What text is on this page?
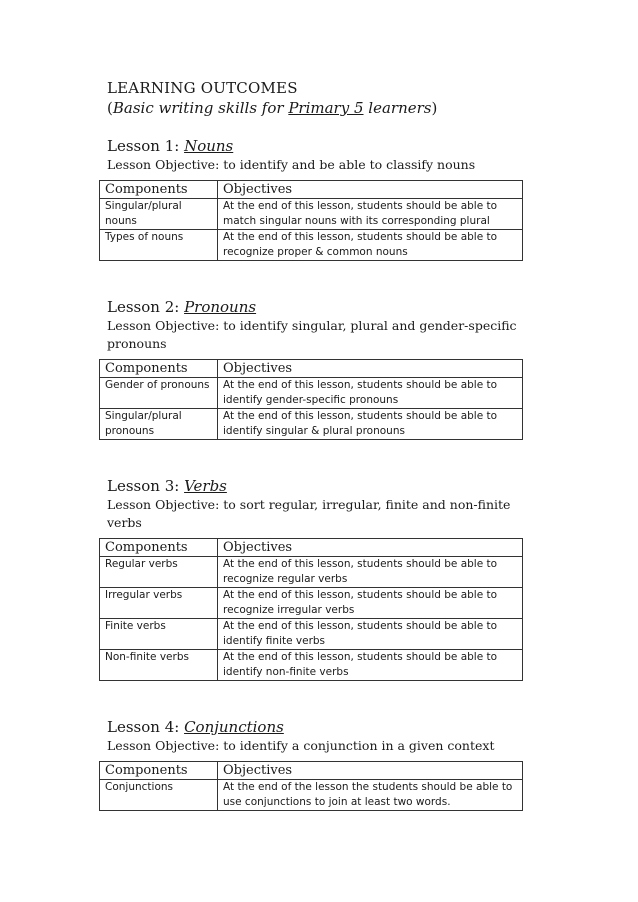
LEARNING OUTCOMES

(Basic writing skills for Primary 5 learners)

Lesson 1: Nouns

Lesson Objective: to identify and be able to classify nouns

Components	Objectives
Singular/plural nouns	At the end of this lesson, students should be able to match singular nouns with its corresponding plural
Types of nouns	At the end of this lesson, students should be able to recognize proper & common nouns

Lesson 2: Pronouns

Lesson Objective: to identify singular, plural and gender-specific pronouns

Components	Objectives
Gender of pronouns	At the end of this lesson, students should be able to identify gender-specific pronouns
Singular/plural pronouns	At the end of this lesson, students should be able to identify singular & plural pronouns

Lesson 3: Verbs

Lesson Objective: to sort regular, irregular, finite and non-finite verbs

Components	Objectives
Regular verbs	At the end of this lesson, students should be able to recognize regular verbs
Irregular verbs	At the end of this lesson, students should be able to recognize irregular verbs
Finite verbs	At the end of this lesson, students should be able to identify finite verbs
Non-finite verbs	At the end of this lesson, students should be able to identify non-finite verbs

Lesson 4: Conjunctions

Lesson Objective: to identify a conjunction in a given context

Components	Objectives
Conjunctions	At the end of the lesson the students should be able to use conjunctions to join at least two words.
